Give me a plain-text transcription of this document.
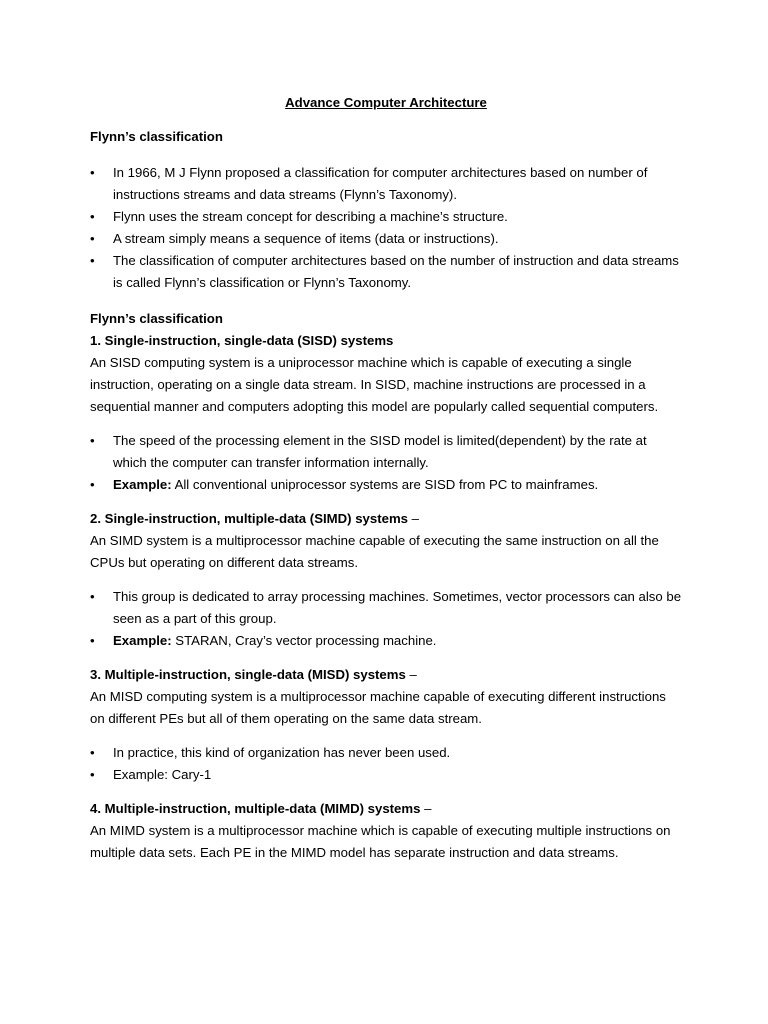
Advance Computer Architecture

Flynn’s classification

•	In 1966, M J Flynn proposed a classification for computer architectures based on number of instructions streams and data streams (Flynn’s Taxonomy).
•	Flynn uses the stream concept for describing a machine’s structure.
•	A stream simply means a sequence of items (data or instructions).
•	The classification of computer architectures based on the number of instruction and data streams is called Flynn’s classification or Flynn’s Taxonomy.

Flynn’s classification

1. Single-instruction, single-data (SISD) systems

An SISD computing system is a uniprocessor machine which is capable of executing a single instruction, operating on a single data stream. In SISD, machine instructions are processed in a sequential manner and computers adopting this model are popularly called sequential computers.

•	The speed of the processing element in the SISD model is limited(dependent) by the rate at which the computer can transfer information internally.
•	Example: All conventional uniprocessor systems are SISD from PC to mainframes.

2. Single-instruction, multiple-data (SIMD) systems –

An SIMD system is a multiprocessor machine capable of executing the same instruction on all the CPUs but operating on different data streams.

•	This group is dedicated to array processing machines. Sometimes, vector processors can also be seen as a part of this group.
•	Example: STARAN, Cray’s vector processing machine.

3. Multiple-instruction, single-data (MISD) systems –

An MISD computing system is a multiprocessor machine capable of executing different instructions on different PEs but all of them operating on the same data stream.

•	In practice, this kind of organization has never been used.
•	Example: Cary-1

4. Multiple-instruction, multiple-data (MIMD) systems –

An MIMD system is a multiprocessor machine which is capable of executing multiple instructions on multiple data sets. Each PE in the MIMD model has separate instruction and data streams.
